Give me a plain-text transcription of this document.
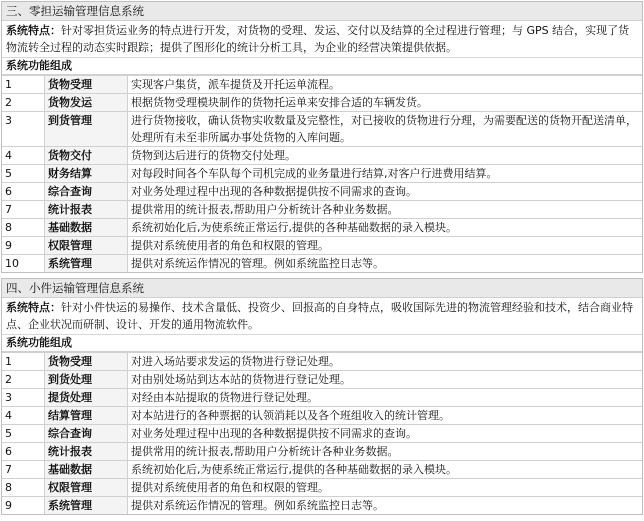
三、零担运输管理信息系统
系统特点：针对零担货运业务的特点进行开发，对货物的受理、发运、交付以及结算的全过程进行管理；与 GPS 结合，实现了货物流转全过程的动态实时跟踪；提供了图形化的统计分析工具，为企业的经营决策提供依据。
系统功能组成
1	货物受理	实现客户集货，派车提货及开托运单流程。
2	货物发运	根据货物受理模块制作的货物托运单来安排合适的车辆发货。
3	到货管理	进行货物接收，确认货物实收数量及完整性，对已接收的货物进行分理，为需要配送的货物开配送清单，处理所有未至非所属办事处货物的入库问题。
4	货物交付	货物到达后进行的货物交付处理。
5	财务结算	对每段时间各个车队每个司机完成的业务量进行结算,对客户行进费用结算。
6	综合查询	对业务处理过程中出现的各种数据提供按不同需求的查询。
7	统计报表	提供常用的统计报表,帮助用户分析统计各种业务数据。
8	基础数据	系统初始化后,为使系统正常运行,提供的各种基础数据的录入模块。
9	权限管理	提供对系统使用者的角色和权限的管理。
10	系统管理	提供对系统运作情况的管理。例如系统监控日志等。
四、小件运输管理信息系统
系统特点：针对小件快运的易操作、技术含量低、投资少、回报高的自身特点，吸收国际先进的物流管理经验和技术，结合商业特点、企业状况而研制、设计、开发的通用物流软件。
系统功能组成
1	货物受理	对进入场站要求发运的货物进行登记处理。
2	到货处理	对由别处场站到达本站的货物进行登记处理。
3	提货处理	对经由本站提取的货物进行登记处理。
4	结算管理	对本站进行的各种票据的认领消耗以及各个班组收入的统计管理。
5	综合查询	对业务处理过程中出现的各种数据提供按不同需求的查询。
6	统计报表	提供常用的统计报表,帮助用户分析统计各种业务数据。
7	基础数据	系统初始化后,为使系统正常运行,提供的各种基础数据的录入模块。
8	权限管理	提供对系统使用者的角色和权限的管理。
9	系统管理	提供对系统运作情况的管理。例如系统监控日志等。
